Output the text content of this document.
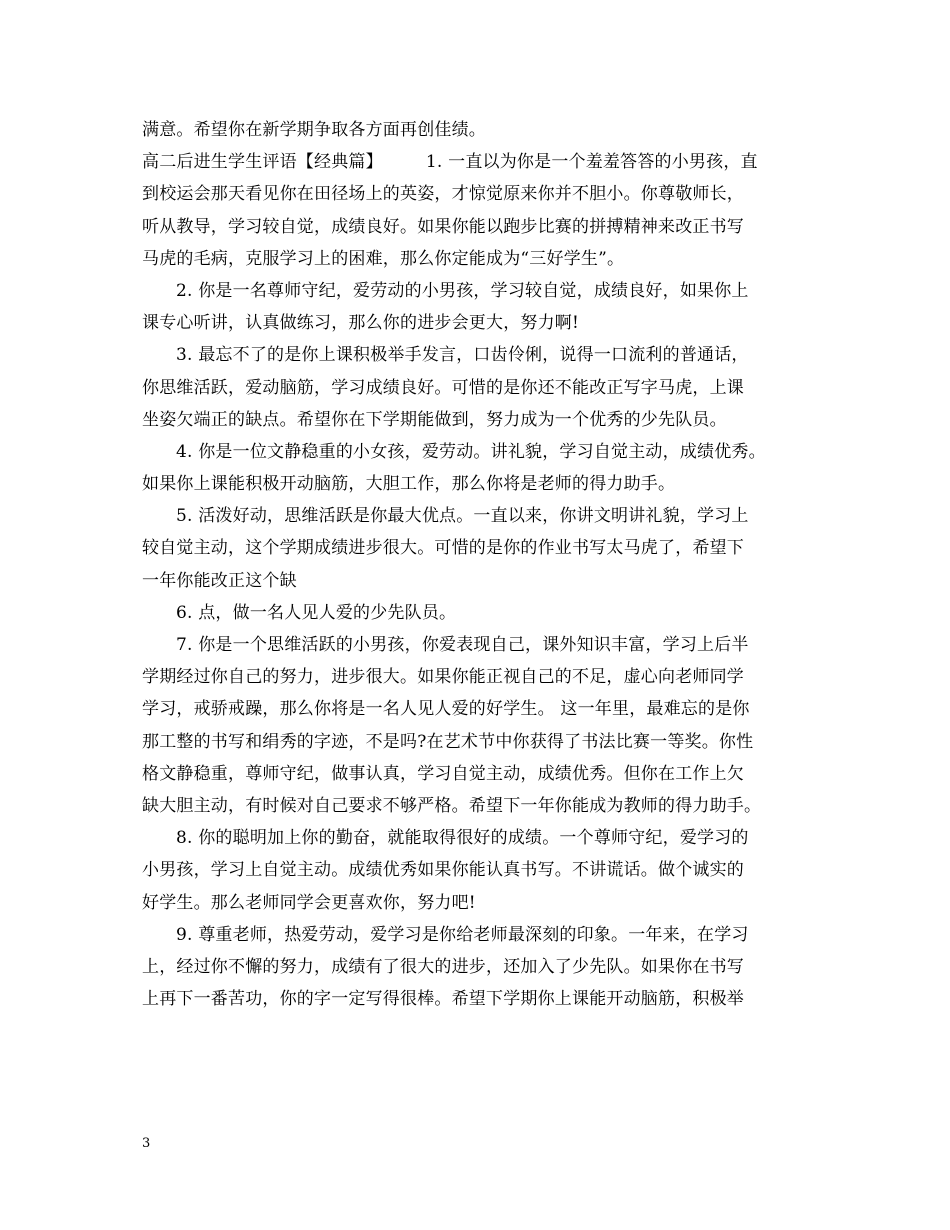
满意。希望你在新学期争取各方面再创佳绩。
高二后进生学生评语【经典篇】　　　1. 一直以为你是一个羞羞答答的小男孩，直
到校运会那天看见你在田径场上的英姿，才惊觉原来你并不胆小。你尊敬师长，
听从教导，学习较自觉，成绩良好。如果你能以跑步比赛的拼搏精神来改正书写
马虎的毛病，克服学习上的困难，那么你定能成为“三好学生”。
2. 你是一名尊师守纪，爱劳动的小男孩，学习较自觉，成绩良好，如果你上
课专心听讲，认真做练习，那么你的进步会更大，努力啊!
3. 最忘不了的是你上课积极举手发言，口齿伶俐，说得一口流利的普通话，
你思维活跃，爱动脑筋，学习成绩良好。可惜的是你还不能改正写字马虎，上课
坐姿欠端正的缺点。希望你在下学期能做到，努力成为一个优秀的少先队员。
4. 你是一位文静稳重的小女孩，爱劳动。讲礼貌，学习自觉主动，成绩优秀。
如果你上课能积极开动脑筋，大胆工作，那么你将是老师的得力助手。
5. 活泼好动，思维活跃是你最大优点。一直以来，你讲文明讲礼貌，学习上
较自觉主动，这个学期成绩进步很大。可惜的是你的作业书写太马虎了，希望下
一年你能改正这个缺
6. 点，做一名人见人爱的少先队员。
7. 你是一个思维活跃的小男孩，你爱表现自己，课外知识丰富，学习上后半
学期经过你自己的努力，进步很大。如果你能正视自己的不足，虚心向老师同学
学习，戒骄戒躁，那么你将是一名人见人爱的好学生。 这一年里，最难忘的是你
那工整的书写和绢秀的字迹，不是吗?在艺术节中你获得了书法比赛一等奖。你性
格文静稳重，尊师守纪，做事认真，学习自觉主动，成绩优秀。但你在工作上欠
缺大胆主动，有时候对自己要求不够严格。希望下一年你能成为教师的得力助手。
8. 你的聪明加上你的勤奋，就能取得很好的成绩。一个尊师守纪，爱学习的
小男孩，学习上自觉主动。成绩优秀如果你能认真书写。不讲谎话。做个诚实的
好学生。那么老师同学会更喜欢你，努力吧!
9. 尊重老师，热爱劳动，爱学习是你给老师最深刻的印象。一年来，在学习
上，经过你不懈的努力，成绩有了很大的进步，还加入了少先队。如果你在书写
上再下一番苦功，你的字一定写得很棒。希望下学期你上课能开动脑筋，积极举
3
